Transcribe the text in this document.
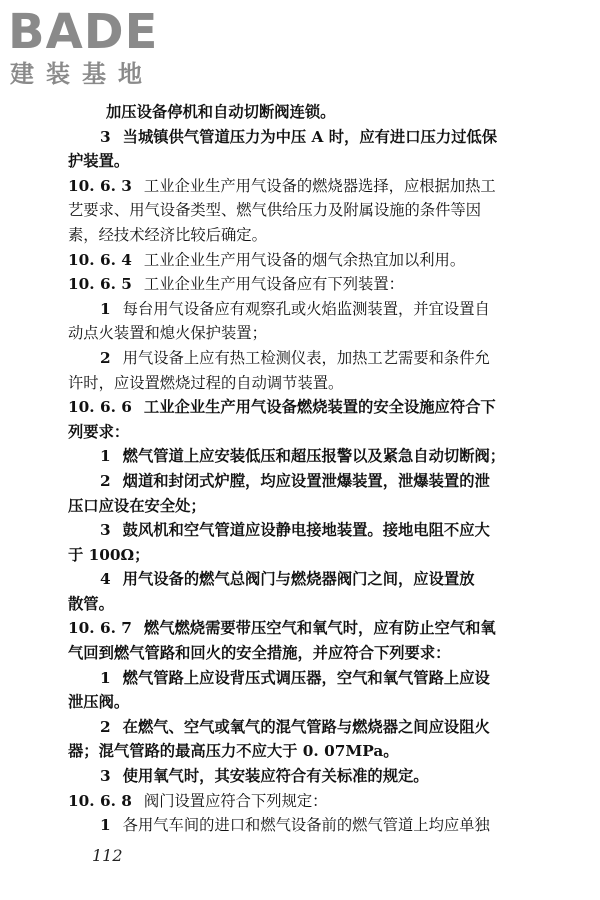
BADE
建装基地
加压设备停机和自动切断阀连锁。
3 当城镇供气管道压力为中压 A 时，应有进口压力过低保
护装置。
10. 6. 3 工业企业生产用气设备的燃烧器选择，应根据加热工
艺要求、用气设备类型、燃气供给压力及附属设施的条件等因
素，经技术经济比较后确定。
10. 6. 4 工业企业生产用气设备的烟气余热宜加以利用。
10. 6. 5 工业企业生产用气设备应有下列装置：
1 每台用气设备应有观察孔或火焰监测装置，并宜设置自
动点火装置和熄火保护装置；
2 用气设备上应有热工检测仪表，加热工艺需要和条件允
许时，应设置燃烧过程的自动调节装置。
10. 6. 6 工业企业生产用气设备燃烧装置的安全设施应符合下
列要求：
1 燃气管道上应安装低压和超压报警以及紧急自动切断阀；
2 烟道和封闭式炉膛，均应设置泄爆装置，泄爆装置的泄
压口应设在安全处；
3 鼓风机和空气管道应设静电接地装置。接地电阻不应大
于 100Ω；
4 用气设备的燃气总阀门与燃烧器阀门之间，应设置放
散管。
10. 6. 7 燃气燃烧需要带压空气和氧气时，应有防止空气和氧
气回到燃气管路和回火的安全措施，并应符合下列要求：
1 燃气管路上应设背压式调压器，空气和氧气管路上应设
泄压阀。
2 在燃气、空气或氧气的混气管路与燃烧器之间应设阻火
器；混气管路的最高压力不应大于 0. 07MPa。
3 使用氧气时，其安装应符合有关标准的规定。
10. 6. 8 阀门设置应符合下列规定：
1 各用气车间的进口和燃气设备前的燃气管道上均应单独
112
